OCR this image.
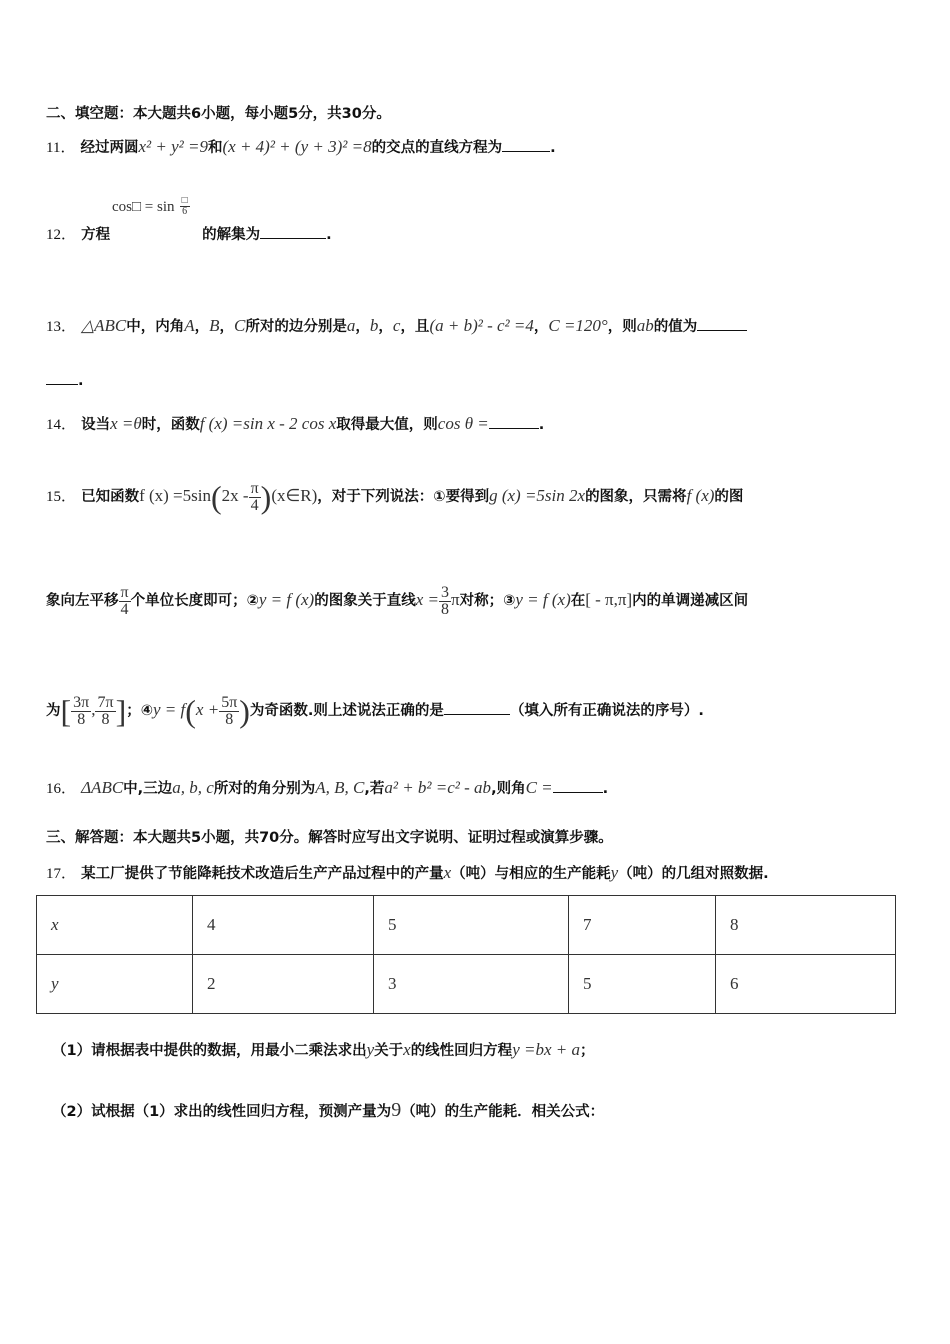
二、填空题：本大题共6小题，每小题5分，共30分。
11． 经过两圆x² + y² =9和(x + 4)² + (y + 3)² =8的交点的直线方程为	.
cos□ = $\sin \frac{□}{6}$
12． 方程	的解集为	.
13． △ABC中，内角A，B，C所对的边分别是a，b，c，且(a + b)² - c² =4，C =120°，则ab的值为
.
14． 设当x =θ时，函数f (x) =sin x - 2 cos x取得最大值，则cos θ =	.
15． 已知函数f $(x) =5\sin(2x - \frac{\pi}{4}$ )(x∈R)，对于下列说法：①要得到g (x) =5sin 2x的图象，只需将f (x)的图
象向左平移 $\frac{\pi}{4}$ 个单位长度即可；②y = f (x)的图象关于直线$x = \frac{3}{8}$ π对称；③y = f (x)在[ - π,π]内的单调递减区间
为[ $\frac{3\pi}{8}$ , $\frac{7\pi}{8}$ ]；④y = $f(x + \frac{5\pi}{8}$ )为奇函数.则上述说法正确的是	（填入所有正确说法的序号）.
16． ΔABC中,三边a, b, c所对的角分别为A, B, C,若a² + b² =c² - ab,则角C =	.
三、解答题：本大题共5小题，共70分。解答时应写出文字说明、证明过程或演算步骤。
17． 某工厂提供了节能降耗技术改造后生产产品过程中的产量x（吨）与相应的生产能耗y（吨）的几组对照数据.
x	4	5	7	8
y	2	3	5	6
（1）请根据表中提供的数据，用最小二乘法求出y关于x的线性回归方程y =bx + a；
（2）试根据（1）求出的线性回归方程，预测产量为9（吨）的生产能耗．相关公式：
